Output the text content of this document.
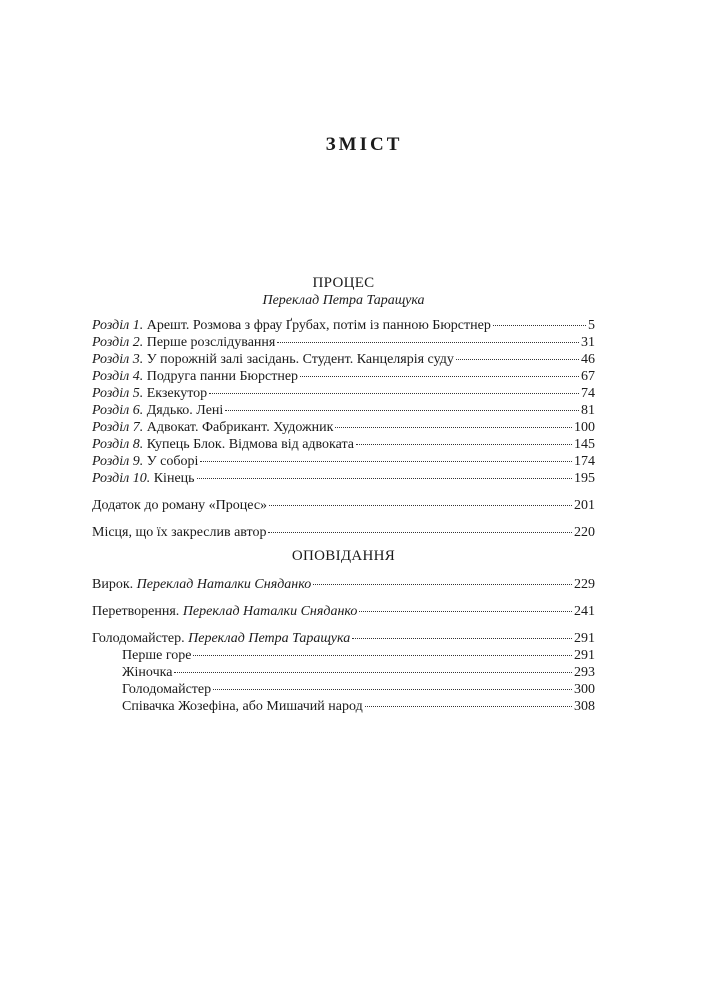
ЗМІСТ
ПРОЦЕС
Переклад Петра Таращука
Розділ 1. Арешт. Розмова з фрау Ґрубах, потім із панною Бюрстнер	5
Розділ 2. Перше розслідування	31
Розділ 3. У порожній залі засідань. Студент. Канцелярія суду	46
Розділ 4. Подруга панни Бюрстнер	67
Розділ 5. Екзекутор	74
Розділ 6. Дядько. Лені	81
Розділ 7. Адвокат. Фабрикант. Художник	100
Розділ 8. Купець Блок. Відмова від адвоката	145
Розділ 9. У соборі	174
Розділ 10. Кінець	195
Додаток до роману «Процес»	201
Місця, що їх закреслив автор	220
ОПОВІДАННЯ
Вирок. Переклад Наталки Сняданко	229
Перетворення. Переклад Наталки Сняданко	241
Голодомайстер. Переклад Петра Таращука	291
Перше горе	291
Жіночка	293
Голодомайстер	300
Співачка Жозефіна, або Мишачий народ	308
